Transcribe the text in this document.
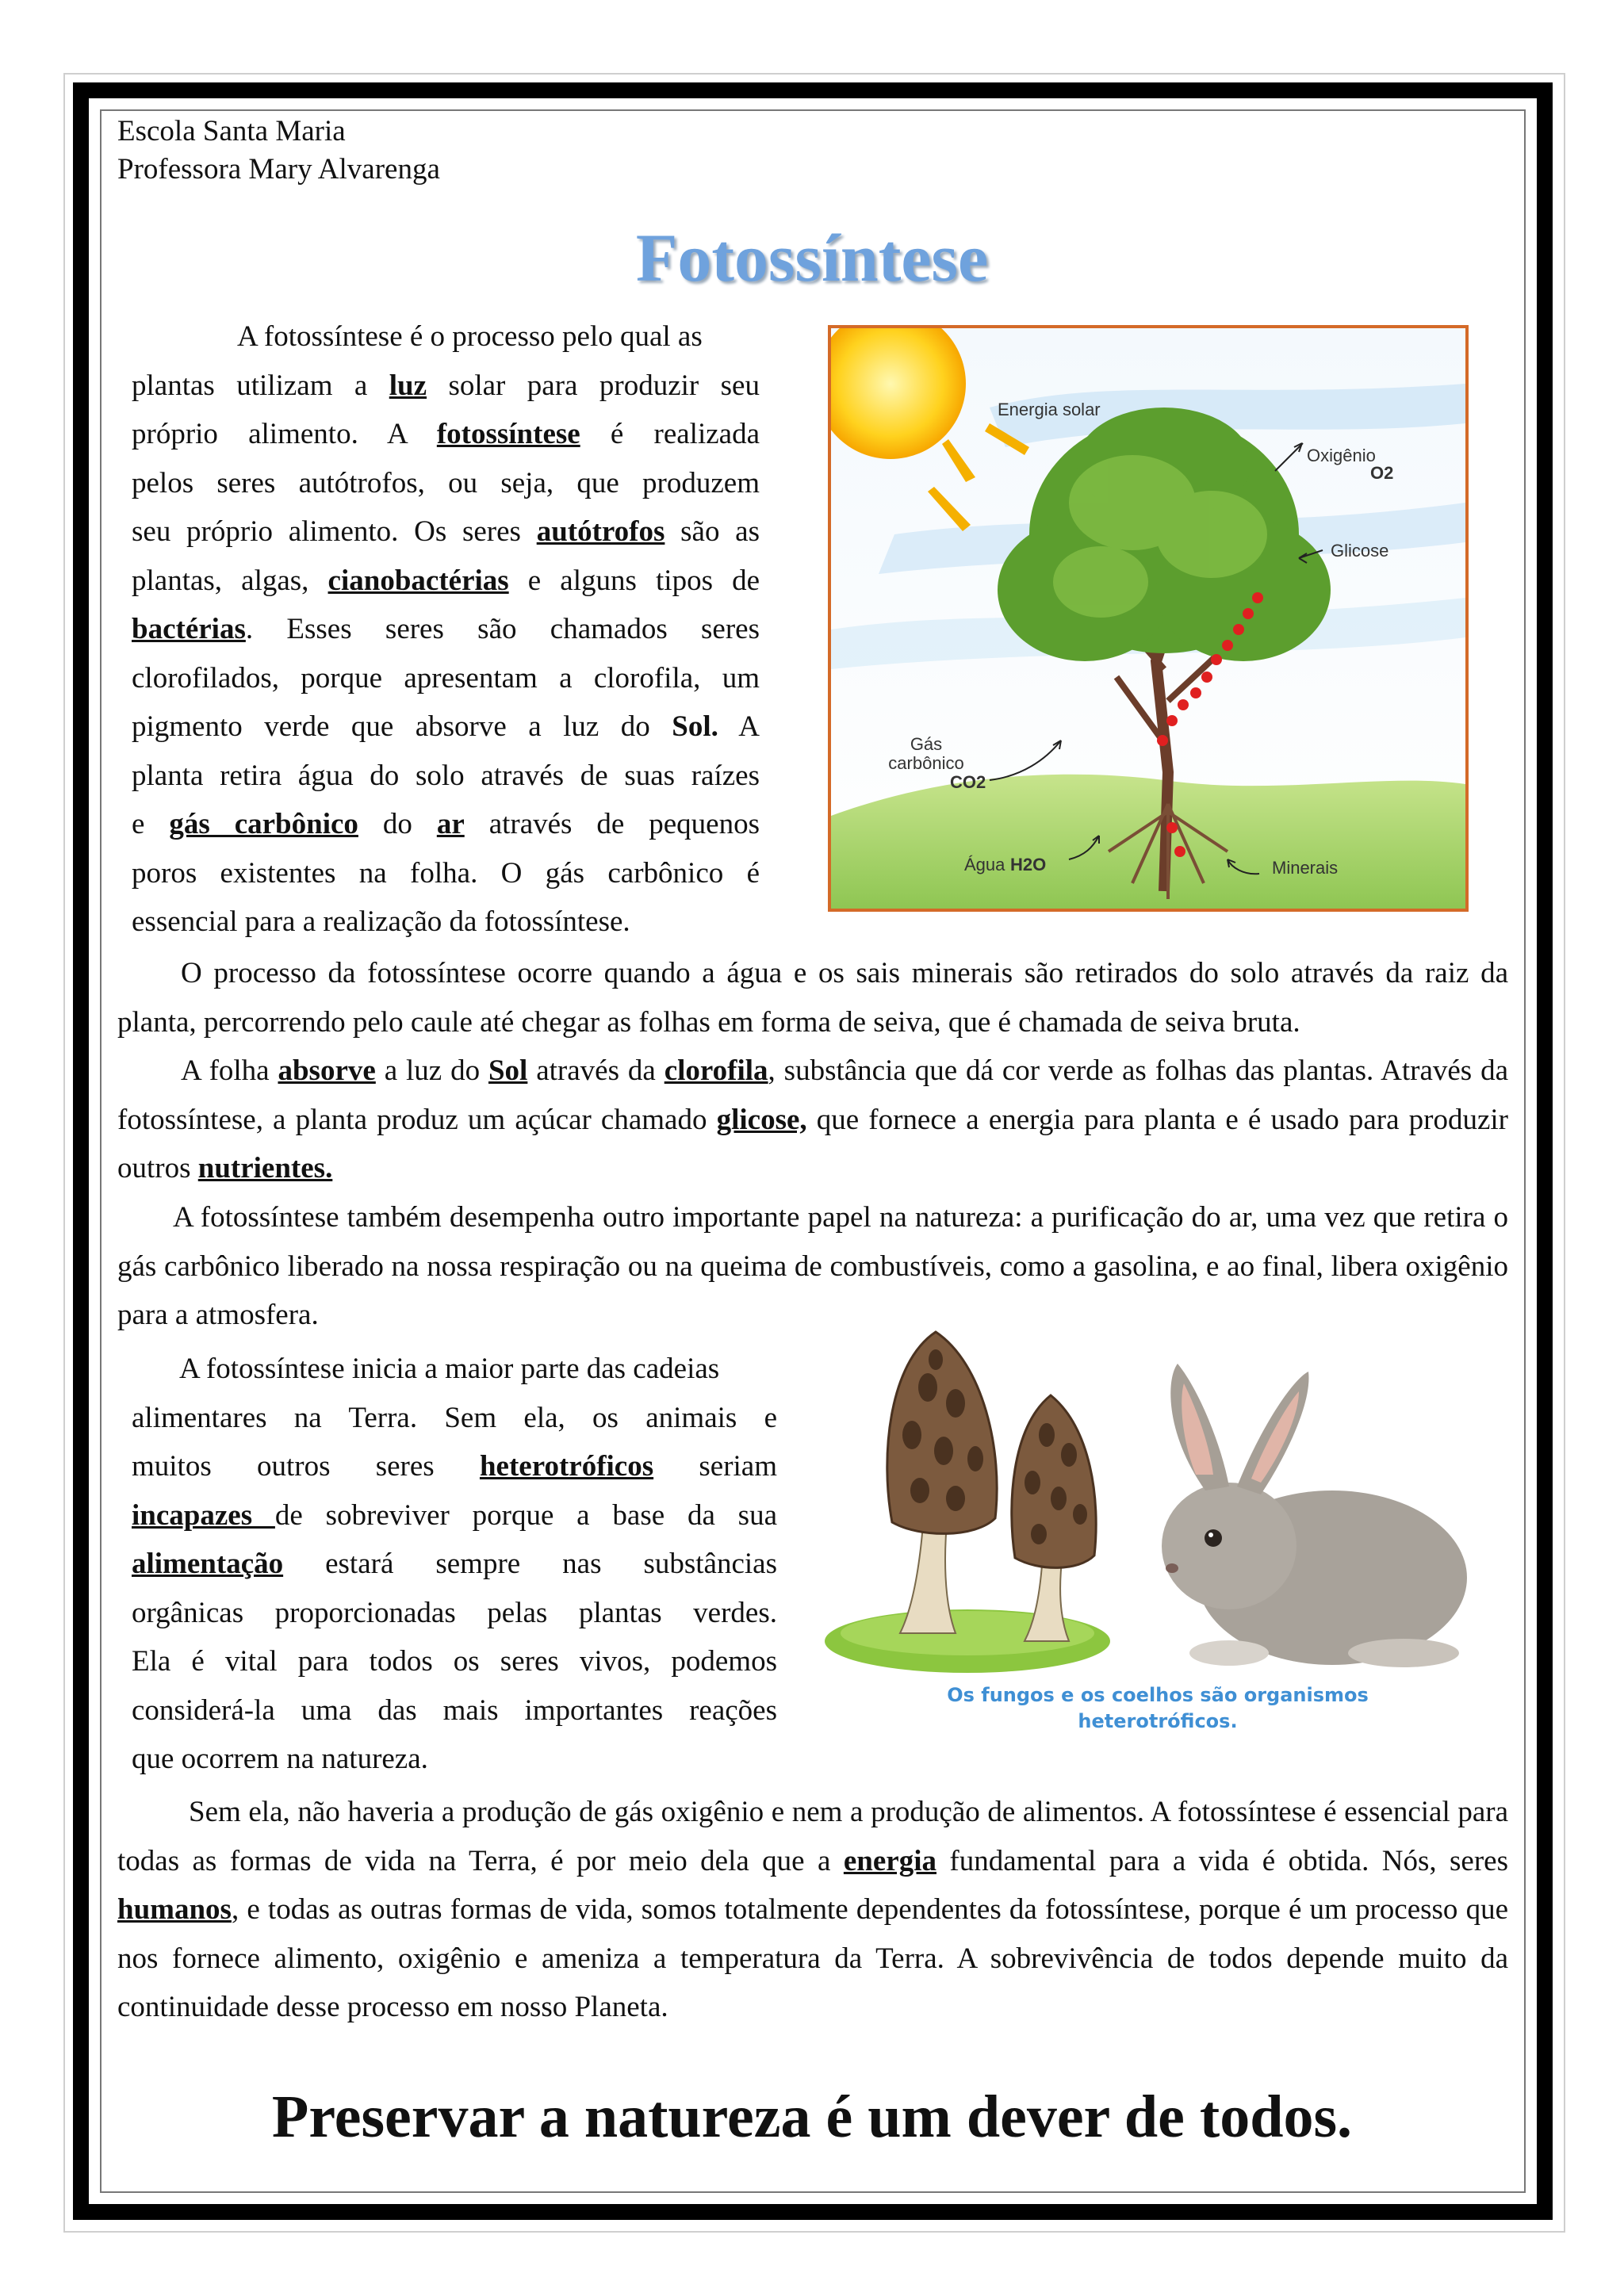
Escola Santa Maria
Professora Mary Alvarenga
Fotossíntese
A fotossíntese é o processo pelo qual as
plantas utilizam a luz solar para produzir seu
próprio alimento. A fotossíntese é realizada
pelos seres autótrofos, ou seja, que produzem
seu próprio alimento. Os seres autótrofos são as
plantas, algas, cianobactérias e alguns tipos de
bactérias. Esses seres são chamados seres
clorofilados, porque apresentam a clorofila, um
pigmento verde que absorve a luz do Sol. A
planta retira água do solo através de suas raízes
e gás carbônico do ar através de pequenos
poros existentes na folha. O gás carbônico é
essencial para a realização da fotossíntese.
Energia solar
Oxigênio
O2
Glicose
Gás
carbônico
CO2
Água H2O	Minerais
O processo da fotossíntese ocorre quando a água e os sais minerais são retirados do solo através da raiz da planta, percorrendo pelo caule até chegar as folhas em forma de seiva, que é chamada de seiva bruta.
A folha absorve a luz do Sol através da clorofila, substância que dá cor verde as folhas das plantas. Através da fotossíntese, a planta produz um açúcar chamado glicose, que fornece a energia para planta e é usado para produzir outros nutrientes.
A fotossíntese também desempenha outro importante papel na natureza: a purificação do ar, uma vez que retira o gás carbônico liberado na nossa respiração ou na queima de combustíveis, como a gasolina, e ao final, libera oxigênio para a atmosfera.
A fotossíntese inicia a maior parte das cadeias
alimentares na Terra. Sem ela, os animais e
muitos outros seres heterotróficos seriam
incapazes de sobreviver porque a base da sua
alimentação estará sempre nas substâncias
orgânicas proporcionadas pelas plantas verdes.
Ela é vital para todos os seres vivos, podemos
considerá-la uma das mais importantes reações
que ocorrem na natureza.
Os fungos e os coelhos são organismos
heterotróficos.
Sem ela, não haveria a produção de gás oxigênio e nem a produção de alimentos. A fotossíntese é essencial para todas as formas de vida na Terra, é por meio dela que a energia fundamental para a vida é obtida. Nós, seres humanos, e todas as outras formas de vida, somos totalmente dependentes da fotossíntese, porque é um processo que nos fornece alimento, oxigênio e ameniza a temperatura da Terra. A sobrevivência de todos depende muito da continuidade desse processo em nosso Planeta.
Preservar a natureza é um dever de todos.
